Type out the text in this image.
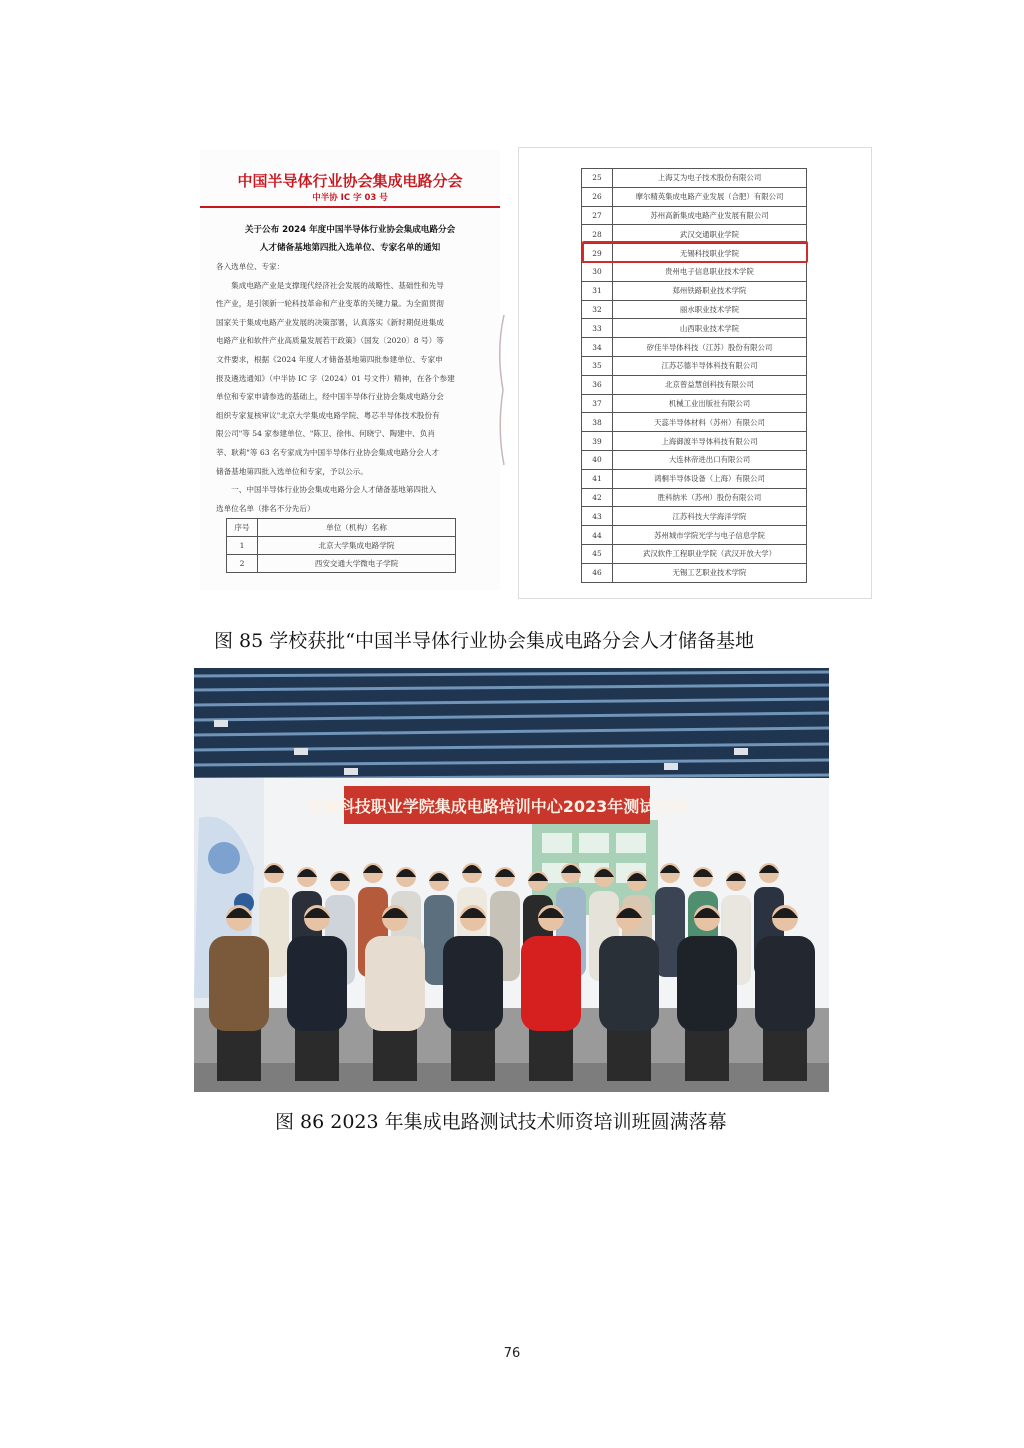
中国半导体行业协会集成电路分会
中半协 IC 字 03 号
关于公布 2024 年度中国半导体行业协会集成电路分会
人才储备基地第四批入选单位、专家名单的通知

各入选单位、专家：

　　集成电路产业是支撑现代经济社会发展的战略性、基础性和先导

性产业，是引领新一轮科技革命和产业变革的关键力量。为全面贯彻

国家关于集成电路产业发展的决策部署，认真落实《新时期促进集成

电路产业和软件产业高质量发展若干政策》（国发〔2020〕8 号）等

文件要求，根据《2024 年度人才储备基地第四批参建单位、专家申

报及遴选通知》（中半协 IC 字（2024）01 号文件）精神，在各个参建

单位和专家申请参选的基础上，经中国半导体行业协会集成电路分会

组织专家复核审议"北京大学集成电路学院、粤芯半导体技术股份有

限公司"等 54 家参建单位、"陈卫、徐伟、何晓宁、陶建中、负肖

莘、耿莉"等 63 名专家成为中国半导体行业协会集成电路分会人才

储备基地第四批入选单位和专家，予以公示。

　　一、中国半导体行业协会集成电路分会人才储备基地第四批入

选单位名单（排名不分先后）

序号	单位（机构）名称
1	北京大学集成电路学院
2	西安交通大学微电子学院
25	上海艾为电子技术股份有限公司
26	摩尔精英集成电路产业发展（合肥）有限公司
27	苏州高新集成电路产业发展有限公司
28	武汉交通职业学院
29	无锡科技职业学院
30	贵州电子信息职业技术学院
31	郑州铁路职业技术学院
32	丽水职业技术学院
33	山西职业技术学院
34	矽佳半导体科技（江苏）股份有限公司
35	江苏芯德半导体科技有限公司
36	北京曾益慧创科技有限公司
37	机械工业出版社有限公司
38	天蕊半导体材料（苏州）有限公司
39	上海御渡半导体科技有限公司
40	大连林帝进出口有限公司
41	鸿桐半导体设备（上海）有限公司
42	胜科纳米（苏州）股份有限公司
43	江苏科技大学海洋学院
44	苏州城市学院光学与电子信息学院
45	武汉软件工程职业学院（武汉开放大学）
46	无锡工艺职业技术学院
图 85 学校获批“中国半导体行业协会集成电路分会人才储备基地
无锡科技职业学院集成电路培训中心2023年测试培训
图 86 2023 年集成电路测试技术师资培训班圆满落幕
76
